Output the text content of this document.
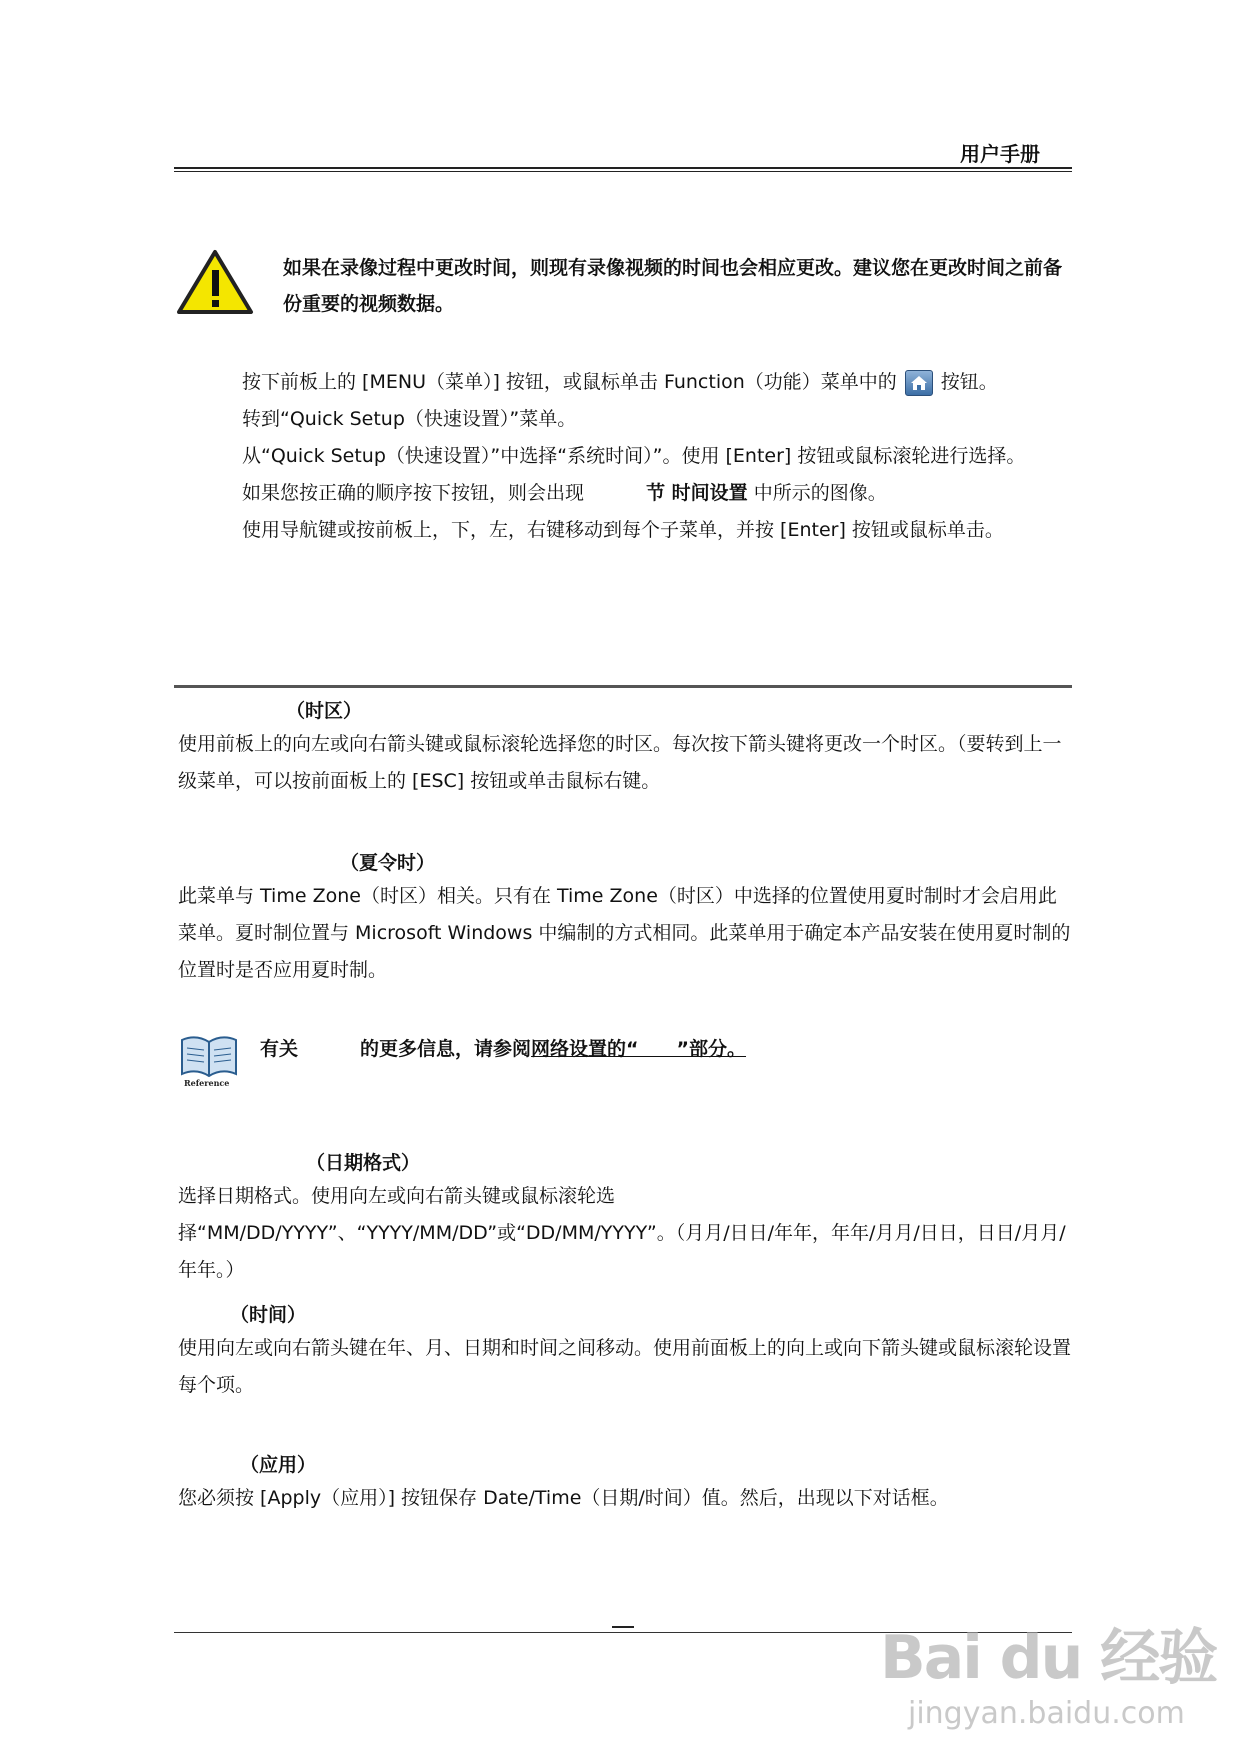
用户手册
如果在录像过程中更改时间，则现有录像视频的时间也会相应更改。建议您在更改时间之前备份重要的视频数据。

按下前板上的 [MENU（菜单）] 按钮，或鼠标单击 Function（功能）菜单中的 按钮。

转到“Quick Setup（快速设置）”菜单。

从“Quick Setup（快速设置）”中选择“系统时间）”。使用 [Enter] 按钮或鼠标滚轮进行选择。

如果您按正确的顺序按下按钮，则会出现	节 时间设置 中所示的图像。

使用导航键或按前板上，下，左，右键移动到每个子菜单，并按 [Enter] 按钮或鼠标单击。

（时区）
使用前板上的向左或向右箭头键或鼠标滚轮选择您的时区。每次按下箭头键将更改一个时区。（要转到上一级菜单，可以按前面板上的 [ESC] 按钮或单击鼠标右键。
（夏令时）
此菜单与 Time Zone（时区）相关。只有在 Time Zone（时区）中选择的位置使用夏时制时才会启用此菜单。夏时制位置与 Microsoft Windows 中编制的方式相同。此菜单用于确定本产品安装在使用夏时制的位置时是否应用夏时制。
Reference
有关	的更多信息，请参阅网络设置的“　　”部分。
（日期格式）
选择日期格式。使用向左或向右箭头键或鼠标滚轮选择“MM/DD/YYYY”、“YYYY/MM/DD”或“DD/MM/YYYY”。（月月/日日/年年，年年/月月/日日，日日/月月/年年。）
（时间）
使用向左或向右箭头键在年、月、日期和时间之间移动。使用前面板上的向上或向下箭头键或鼠标滚轮设置每个项。
（应用）
您必须按 [Apply（应用）] 按钮保存 Date/Time（日期/时间）值。然后，出现以下对话框。
Bai du 经验
jingyan.baidu.com
